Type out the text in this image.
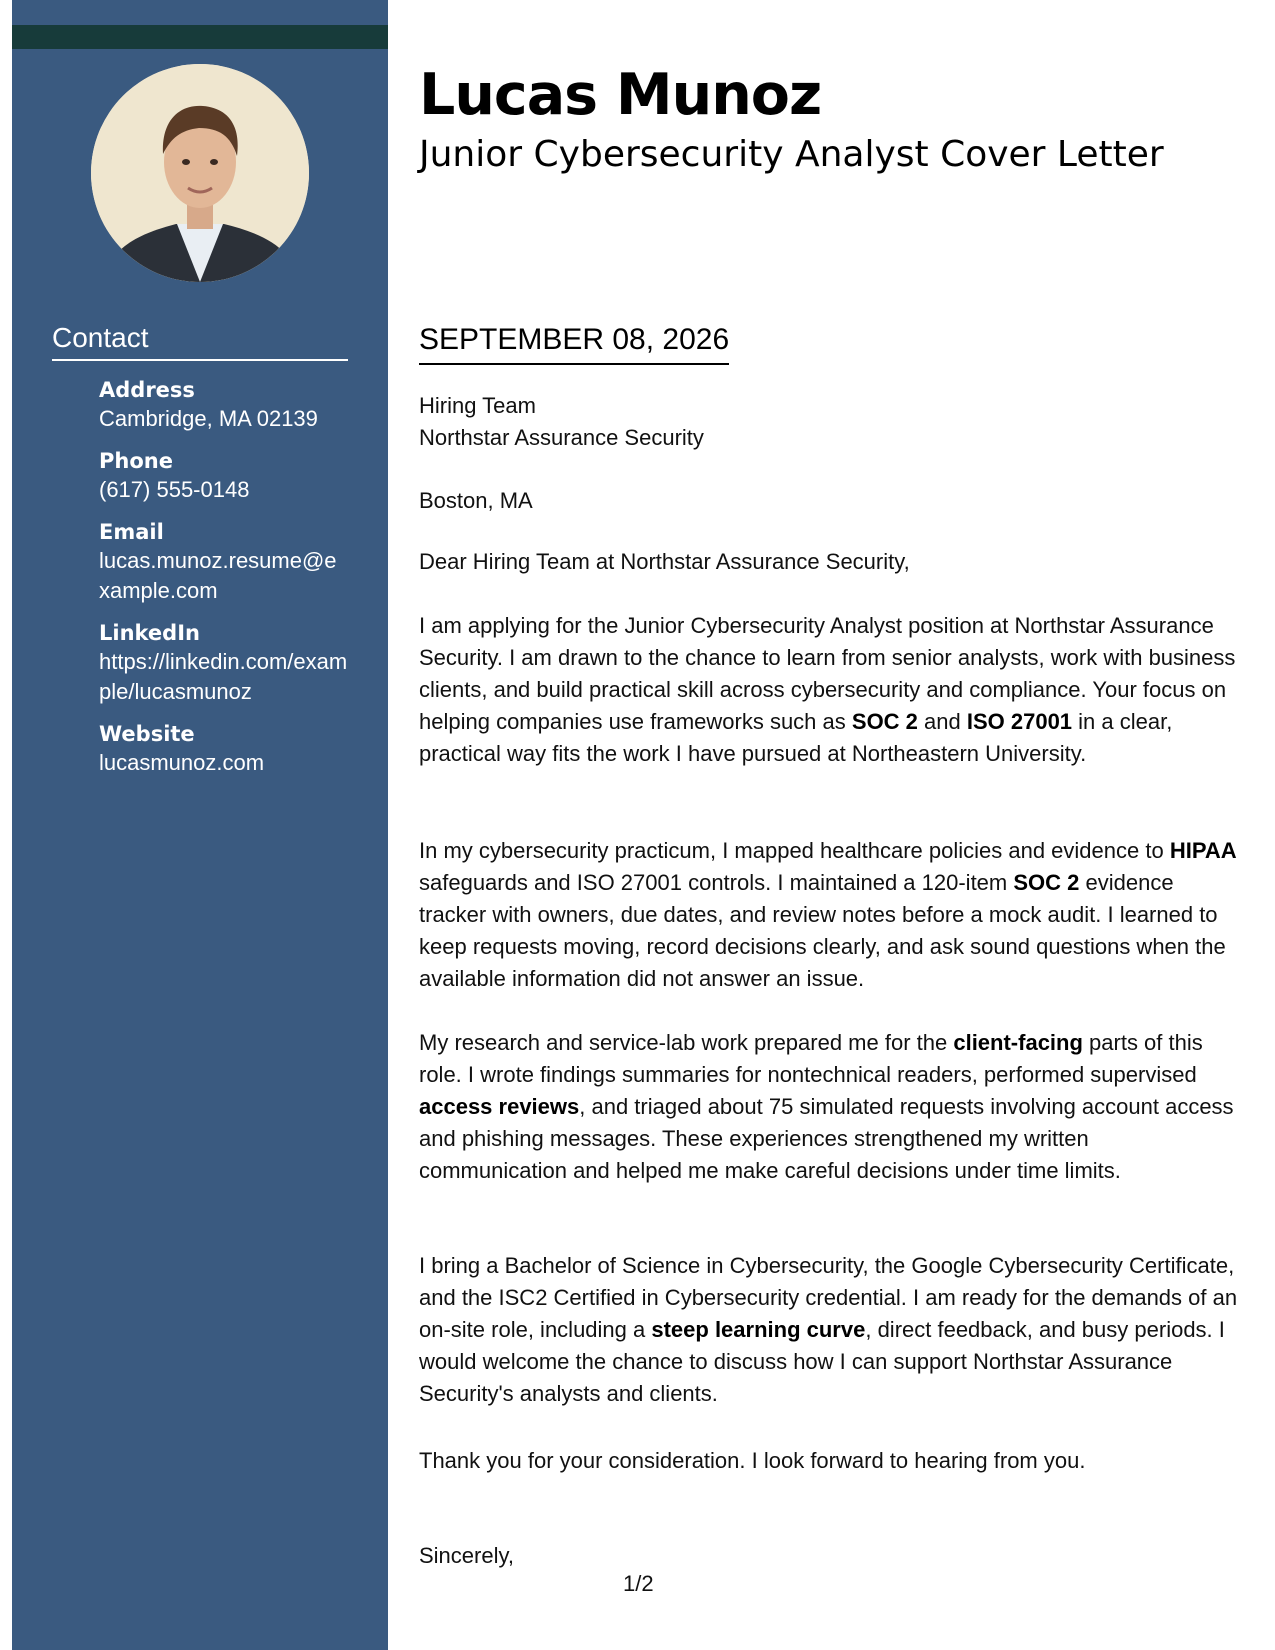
Contact
Address
Cambridge, MA 02139
Phone
(617) 555-0148
Email
lucas.munoz.resume@example.com
LinkedIn
https://linkedin.com/example/lucasmunoz
Website
lucasmunoz.com
Lucas Munoz
Junior Cybersecurity Analyst Cover Letter
SEPTEMBER 08, 2026
Hiring Team
Northstar Assurance Security
Boston, MA
Dear Hiring Team at Northstar Assurance Security,
I am applying for the Junior Cybersecurity Analyst position at Northstar Assurance Security. I am drawn to the chance to learn from senior analysts, work with business clients, and build practical skill across cybersecurity and compliance. Your focus on helping companies use frameworks such as SOC 2 and ISO 27001 in a clear, practical way fits the work I have pursued at Northeastern University.
In my cybersecurity practicum, I mapped healthcare policies and evidence to HIPAA safeguards and ISO 27001 controls. I maintained a 120-item SOC 2 evidence tracker with owners, due dates, and review notes before a mock audit. I learned to keep requests moving, record decisions clearly, and ask sound questions when the available information did not answer an issue.
My research and service-lab work prepared me for the client-facing parts of this role. I wrote findings summaries for nontechnical readers, performed supervised access reviews, and triaged about 75 simulated requests involving account access and phishing messages. These experiences strengthened my written communication and helped me make careful decisions under time limits.
I bring a Bachelor of Science in Cybersecurity, the Google Cybersecurity Certificate, and the ISC2 Certified in Cybersecurity credential. I am ready for the demands of an on-site role, including a steep learning curve, direct feedback, and busy periods. I would welcome the chance to discuss how I can support Northstar Assurance Security's analysts and clients.
Thank you for your consideration. I look forward to hearing from you.
Sincerely,
1/2
